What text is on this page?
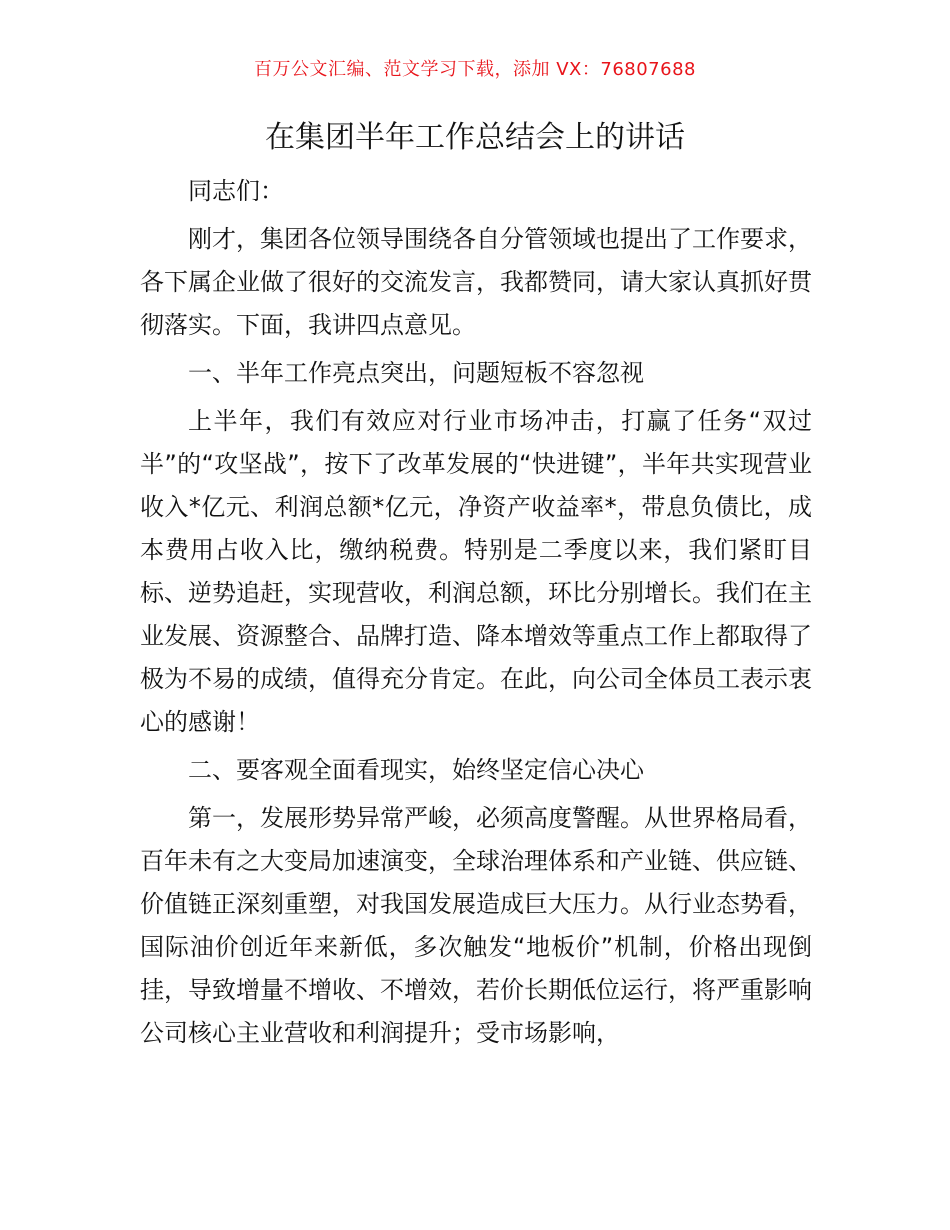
百万公文汇编、范文学习下载，添加 VX：76807688
在集团半年工作总结会上的讲话

同志们：

刚才，集团各位领导围绕各自分管领域也提出了工作要求，各下属企业做了很好的交流发言，我都赞同，请大家认真抓好贯彻落实。下面，我讲四点意见。

一、半年工作亮点突出，问题短板不容忽视

上半年，我们有效应对行业市场冲击，打赢了任务“双过半”的“攻坚战”，按下了改革发展的“快进键”，半年共实现营业收入*亿元、利润总额*亿元，净资产收益率*，带息负债比，成本费用占收入比，缴纳税费。特别是二季度以来，我们紧盯目标、逆势追赶，实现营收，利润总额，环比分别增长。我们在主业发展、资源整合、品牌打造、降本增效等重点工作上都取得了极为不易的成绩，值得充分肯定。在此，向公司全体员工表示衷心的感谢！

二、要客观全面看现实，始终坚定信心决心

第一，发展形势异常严峻，必须高度警醒。从世界格局看，百年未有之大变局加速演变，全球治理体系和产业链、供应链、价值链正深刻重塑，对我国发展造成巨大压力。从行业态势看，国际油价创近年来新低，多次触发“地板价”机制，价格出现倒挂，导致增量不增收、不增效，若价长期低位运行，将严重影响公司核心主业营收和利润提升；受市场影响，
